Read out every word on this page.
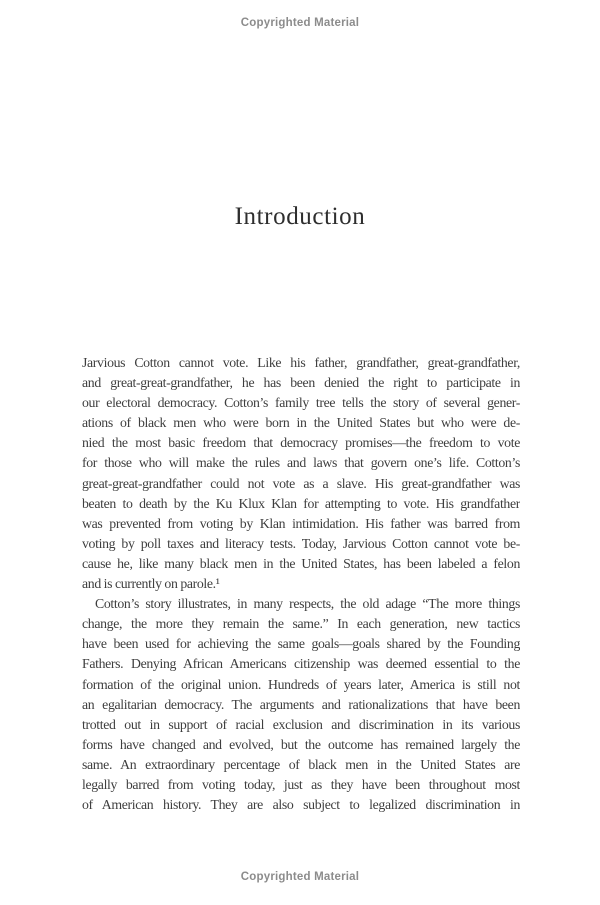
Copyrighted Material
Introduction
Jarvious Cotton cannot vote. Like his father, grandfather, great-grandfather,
and great-great-grandfather, he has been denied the right to participate in
our electoral democracy. Cotton’s family tree tells the story of several gener-
ations of black men who were born in the United States but who were de-
nied the most basic freedom that democracy promises—the freedom to vote
for those who will make the rules and laws that govern one’s life. Cotton’s
great-great-grandfather could not vote as a slave. His great-grandfather was
beaten to death by the Ku Klux Klan for attempting to vote. His grandfather
was prevented from voting by Klan intimidation. His father was barred from
voting by poll taxes and literacy tests. Today, Jarvious Cotton cannot vote be-
cause he, like many black men in the United States, has been labeled a felon
and is currently on parole.¹
Cotton’s story illustrates, in many respects, the old adage “The more things
change, the more they remain the same.” In each generation, new tactics
have been used for achieving the same goals—goals shared by the Founding
Fathers. Denying African Americans citizenship was deemed essential to the
formation of the original union. Hundreds of years later, America is still not
an egalitarian democracy. The arguments and rationalizations that have been
trotted out in support of racial exclusion and discrimination in its various
forms have changed and evolved, but the outcome has remained largely the
same. An extraordinary percentage of black men in the United States are
legally barred from voting today, just as they have been throughout most
of American history. They are also subject to legalized discrimination in
Copyrighted Material
